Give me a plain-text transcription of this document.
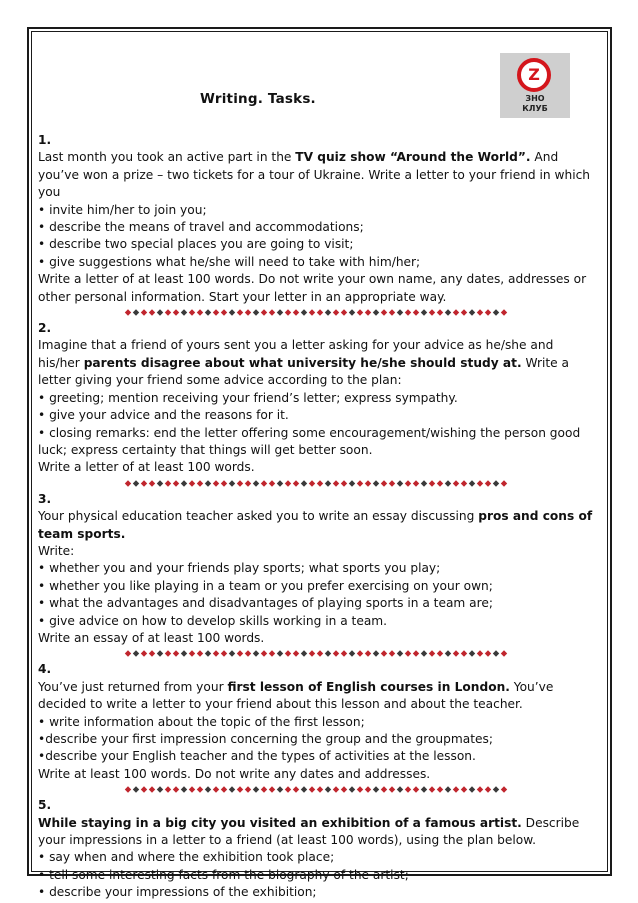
Z
ЗНО
КЛУБ
Writing. Tasks.

1.

Last month you took an active part in the TV quiz show “Around the World”. And you’ve won a prize – two tickets for a tour of Ukraine. Write a letter to your friend in which you

• invite him/her to join you;

• describe the means of travel and accommodations;

• describe two special places you are going to visit;

• give suggestions what he/she will need to take with him/her;

Write a letter of at least 100 words. Do not write your own name, any dates, addresses or other personal information. Start your letter in an appropriate way.

2.

Imagine that a friend of yours sent you a letter asking for your advice as he/she and his/her parents disagree about what university he/she should study at. Write a letter giving your friend some advice according to the plan:

• greeting; mention receiving your friend’s letter; express sympathy.

• give your advice and the reasons for it.

• closing remarks: end the letter offering some encouragement/wishing the person good luck; express certainty that things will get better soon.

Write a letter of at least 100 words.

3.

Your physical education teacher asked you to write an essay discussing pros and cons of team sports.

Write:

• whether you and your friends play sports; what sports you play;

• whether you like playing in a team or you prefer exercising on your own;

• what the advantages and disadvantages of playing sports in a team are;

• give advice on how to develop skills working in a team.

Write an essay of at least 100 words.

4.

You’ve just returned from your first lesson of English courses in London. You’ve decided to write a letter to your friend about this lesson and about the teacher.

• write information about the topic of the first lesson;

•describe your first impression concerning the group and the groupmates;

•describe your English teacher and the types of activities at the lesson.

Write at least 100 words. Do not write any dates and addresses.

5.

While staying in a big city you visited an exhibition of a famous artist. Describe your impressions in a letter to a friend (at least 100 words), using the plan below.

• say when and where the exhibition took place;

• tell some interesting facts from the biography of the artist;

• describe your impressions of the exhibition;
